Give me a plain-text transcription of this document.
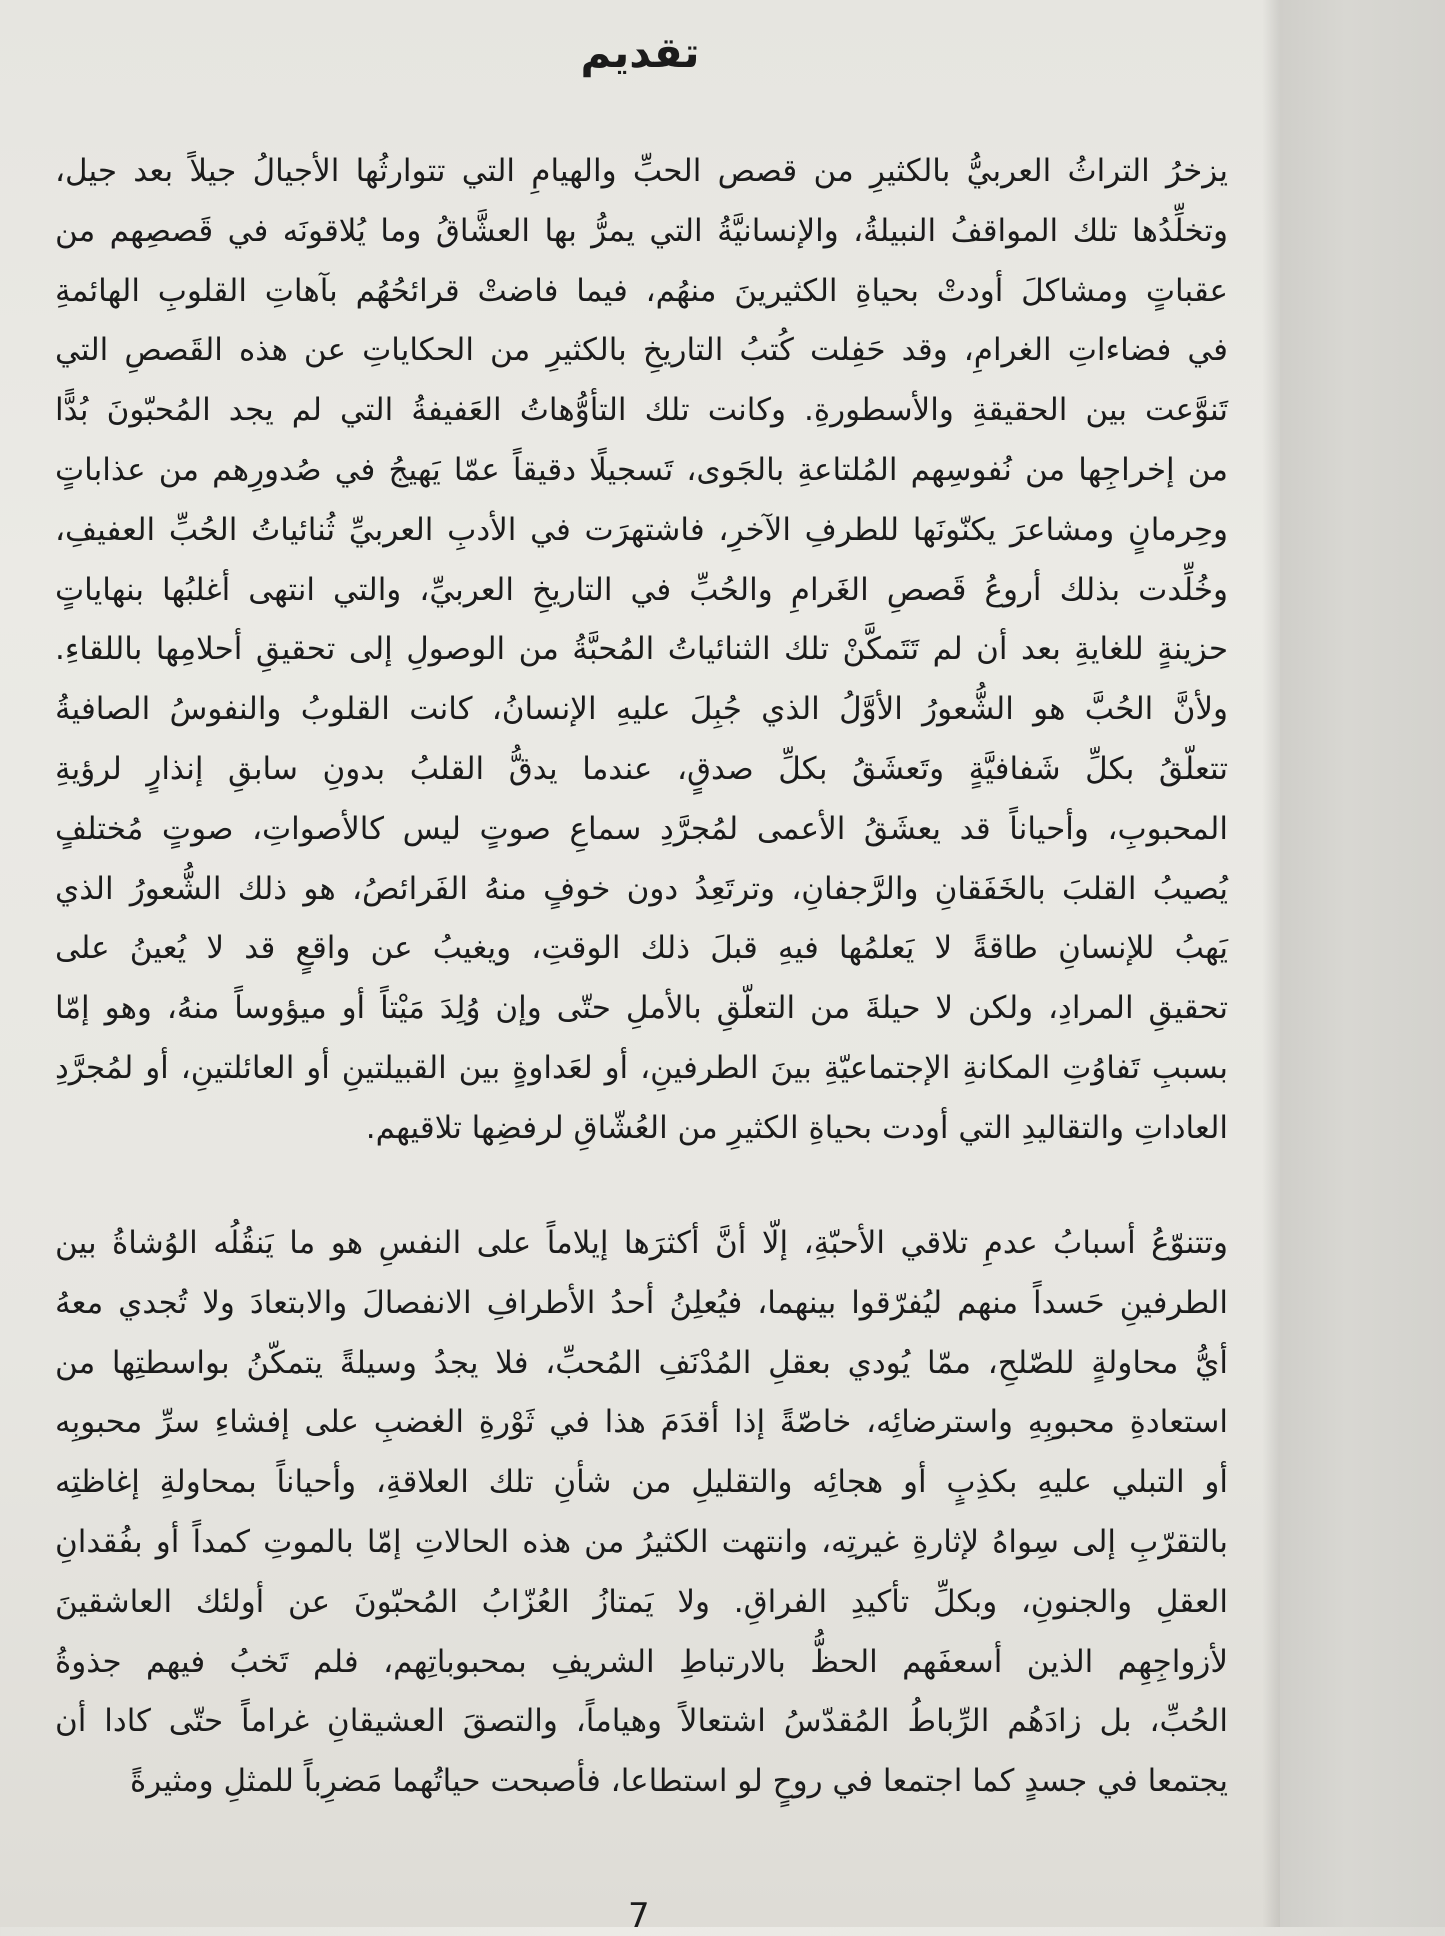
تقديم
يزخرُ التراثُ العربيُّ بالكثيرِ من قصص الحبِّ والهيامِ التي تتوارثُها الأجيالُ جيلاً بعد جيل،
وتخلِّدُها تلك المواقفُ النبيلةُ، والإنسانيَّةُ التي يمرُّ بها العشَّاقُ وما يُلاقونَه في قَصصِهم من
عقباتٍ ومشاكلَ أودتْ بحياةِ الكثيرينَ منهُم، فيما فاضتْ قرائحُهُم بآهاتِ القلوبِ الهائمةِ
في فضاءاتِ الغرامِ، وقد حَفِلت كُتبُ التاريخِ بالكثيرِ من الحكاياتِ عن هذه القَصصِ التي
تَنوَّعت بين الحقيقةِ والأسطورةِ. وكانت تلك التأوُّهاتُ العَفيفةُ التي لم يجد المُحبّونَ بُدًّا
من إخراجِها من نُفوسِهم المُلتاعةِ بالجَوى، تَسجيلًا دقيقاً عمّا يَهيجُ في صُدورِهم من عذاباتٍ
وحِرمانٍ ومشاعرَ يكنّونَها للطرفِ الآخرِ، فاشتهرَت في الأدبِ العربيِّ ثُنائياتُ الحُبِّ العفيفِ،
وخُلِّدت بذلك أروعُ قَصصِ الغَرامِ والحُبِّ في التاريخِ العربيِّ، والتي انتهى أغلبُها بنهاياتٍ
حزينةٍ للغايةِ بعد أن لم تَتَمكَّنْ تلك الثنائياتُ المُحبَّةُ من الوصولِ إلى تحقيقِ أحلامِها باللقاءِ.
ولأنَّ الحُبَّ هو الشُّعورُ الأوَّلُ الذي جُبِلَ عليهِ الإنسانُ، كانت القلوبُ والنفوسُ الصافيةُ
تتعلّقُ بكلِّ شَفافيَّةٍ وتَعشَقُ بكلِّ صدقٍ، عندما يدقُّ القلبُ بدونِ سابقِ إنذارٍ لرؤيةِ
المحبوبِ، وأحياناً قد يعشَقُ الأعمى لمُجرَّدِ سماعِ صوتٍ ليس كالأصواتِ، صوتٍ مُختلفٍ
يُصيبُ القلبَ بالخَفَقانِ والرَّجفانِ، وترتَعِدُ دون خوفٍ منهُ الفَرائصُ، هو ذلك الشُّعورُ الذي
يَهبُ للإنسانِ طاقةً لا يَعلمُها فيهِ قبلَ ذلك الوقتِ، ويغيبُ عن واقعٍ قد لا يُعينُ على
تحقيقِ المرادِ، ولكن لا حيلةَ من التعلّقِ بالأملِ حتّى وإن وُلِدَ مَيْتاً أو ميؤوساً منهُ، وهو إمّا
بسببِ تَفاوُتِ المكانةِ الإجتماعيّةِ بينَ الطرفينِ، أو لعَداوةٍ بين القبيلتينِ أو العائلتينِ، أو لمُجرَّدِ
العاداتِ والتقاليدِ التي أودت بحياةِ الكثيرِ من العُشّاقِ لرفضِها تلاقيهم.
وتتنوّعُ أسبابُ عدمِ تلاقي الأحبّةِ، إلّا أنَّ أكثرَها إيلاماً على النفسِ هو ما يَنقُلُه الوُشاةُ بين
الطرفينِ حَسداً منهم ليُفرّقوا بينهما، فيُعلِنُ أحدُ الأطرافِ الانفصالَ والابتعادَ ولا تُجدي معهُ
أيُّ محاولةٍ للصّلحِ، ممّا يُودي بعقلِ المُدْنَفِ المُحبِّ، فلا يجدُ وسيلةً يتمكّنُ بواسطتِها من
استعادةِ محبوبِهِ واسترضائِه، خاصّةً إذا أقدَمَ هذا في ثَوْرةِ الغضبِ على إفشاءِ سرِّ محبوبِه
أو التبلي عليهِ بكذِبٍ أو هجائِه والتقليلِ من شأنِ تلك العلاقةِ، وأحياناً بمحاولةِ إغاظتِه
بالتقرّبِ إلى سِواهُ لإثارةِ غيرتِه، وانتهت الكثيرُ من هذه الحالاتِ إمّا بالموتِ كمداً أو بفُقدانِ
العقلِ والجنونِ، وبكلِّ تأكيدِ الفراقِ. ولا يَمتازُ العُزّابُ المُحبّونَ عن أولئك العاشقينَ
لأزواجِهِم الذين أسعفَهم الحظُّ بالارتباطِ الشريفِ بمحبوباتِهم، فلم تَخبُ فيهم جذوةُ
الحُبِّ، بل زادَهُم الرِّباطُ المُقدّسُ اشتعالاً وهياماً، والتصقَ العشيقانِ غراماً حتّى كادا أن
يجتمعا في جسدٍ كما اجتمعا في روحٍ لو استطاعا، فأصبحت حياتُهما مَضرِباً للمثلِ ومثيرةً
7
